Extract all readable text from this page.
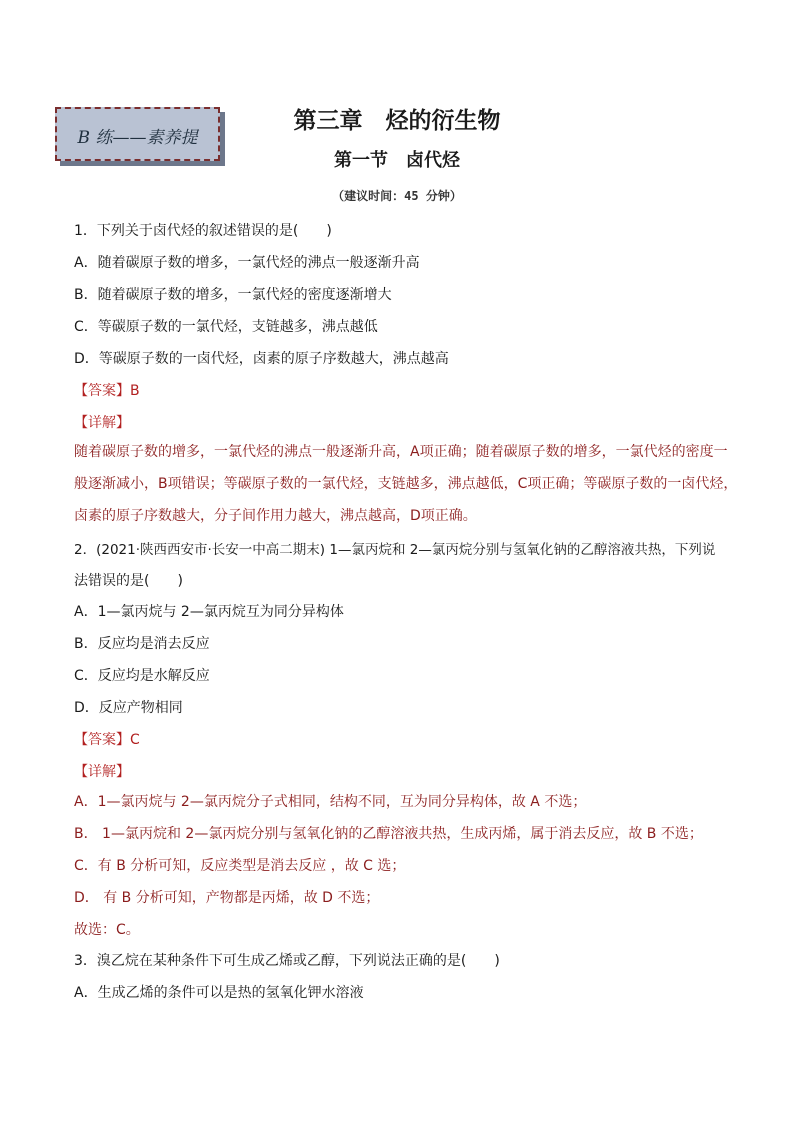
B 练——素养提
第三章　烃的衍生物
第一节　卤代烃
（建议时间：45 分钟）
1．下列关于卤代烃的叙述错误的是(　　)
A．随着碳原子数的增多，一氯代烃的沸点一般逐渐升高
B．随着碳原子数的增多，一氯代烃的密度逐渐增大
C．等碳原子数的一氯代烃，支链越多，沸点越低
D．等碳原子数的一卤代烃，卤素的原子序数越大，沸点越高
【答案】B
【详解】
随着碳原子数的增多，一氯代烃的沸点一般逐渐升高，A项正确；随着碳原子数的增多，一氯代烃的密度一
般逐渐减小，B项错误；等碳原子数的一氯代烃，支链越多，沸点越低，C项正确；等碳原子数的一卤代烃，
卤素的原子序数越大，分子间作用力越大，沸点越高，D项正确。
2．(2021·陕西西安市·长安一中高二期末) 1—氯丙烷和 2—氯丙烷分别与氢氧化钠的乙醇溶液共热，下列说
法错误的是(　　)
A．1—氯丙烷与 2—氯丙烷互为同分异构体
B．反应均是消去反应
C．反应均是水解反应
D．反应产物相同
【答案】C
【详解】
A．1—氯丙烷与 2—氯丙烷分子式相同，结构不同，互为同分异构体，故 A 不选；
B． 1—氯丙烷和 2—氯丙烷分别与氢氧化钠的乙醇溶液共热，生成丙烯，属于消去反应，故 B 不选；
C．有 B 分析可知，反应类型是消去反应 ，故 C 选；
D． 有 B 分析可知，产物都是丙烯，故 D 不选；
故选：C。
3．溴乙烷在某种条件下可生成乙烯或乙醇，下列说法正确的是(　　)
A．生成乙烯的条件可以是热的氢氧化钾水溶液
